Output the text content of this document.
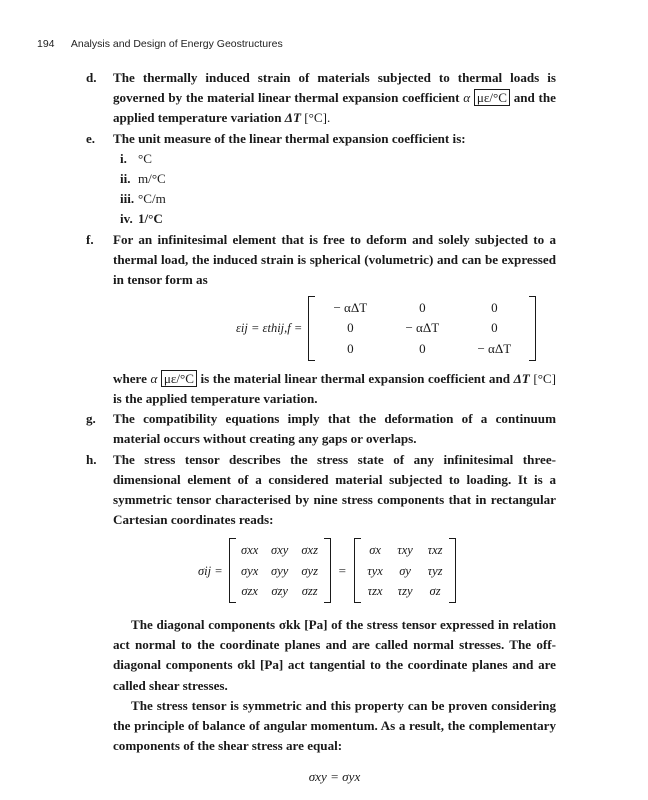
194 Analysis and Design of Energy Geostructures
d. The thermally induced strain of materials subjected to thermal loads is governed by the material linear thermal expansion coefficient α με/°C and the applied temperature variation ΔT [°C].
e. The unit measure of the linear thermal expansion coefficient is:
i. °C
ii. m/°C
iii. °C/m
iv. 1/°C
f. For an infinitesimal element that is free to deform and solely subjected to a thermal load, the induced strain is spherical (volumetric) and can be expressed in tensor form as
εij = εthij,f =
− αΔT	0	0
0	− αΔT	0
0	0	− αΔT
where α με/°C is the material linear thermal expansion coefficient and ΔT [°C] is the applied temperature variation.
g. The compatibility equations imply that the deformation of a continuum material occurs without creating any gaps or overlaps.
h. The stress tensor describes the stress state of any infinitesimal three-dimensional element of a considered material subjected to loading. It is a symmetric tensor characterised by nine stress components that in rectangular Cartesian coordinates reads:
σij =
σxx	σxy	σxz
σyx	σyy	σyz
σzx	σzy	σzz
=
σx	τxy	τxz
τyx	σy	τyz
τzx	τzy	σz
The diagonal components σkk [Pa] of the stress tensor expressed in relation act normal to the coordinate planes and are called normal stresses. The off-diagonal components σkl [Pa] act tangential to the coordinate planes and are called shear stresses.
The stress tensor is symmetric and this property can be proven considering the principle of balance of angular momentum. As a result, the complementary components of the shear stress are equal:
σxy = σyx
